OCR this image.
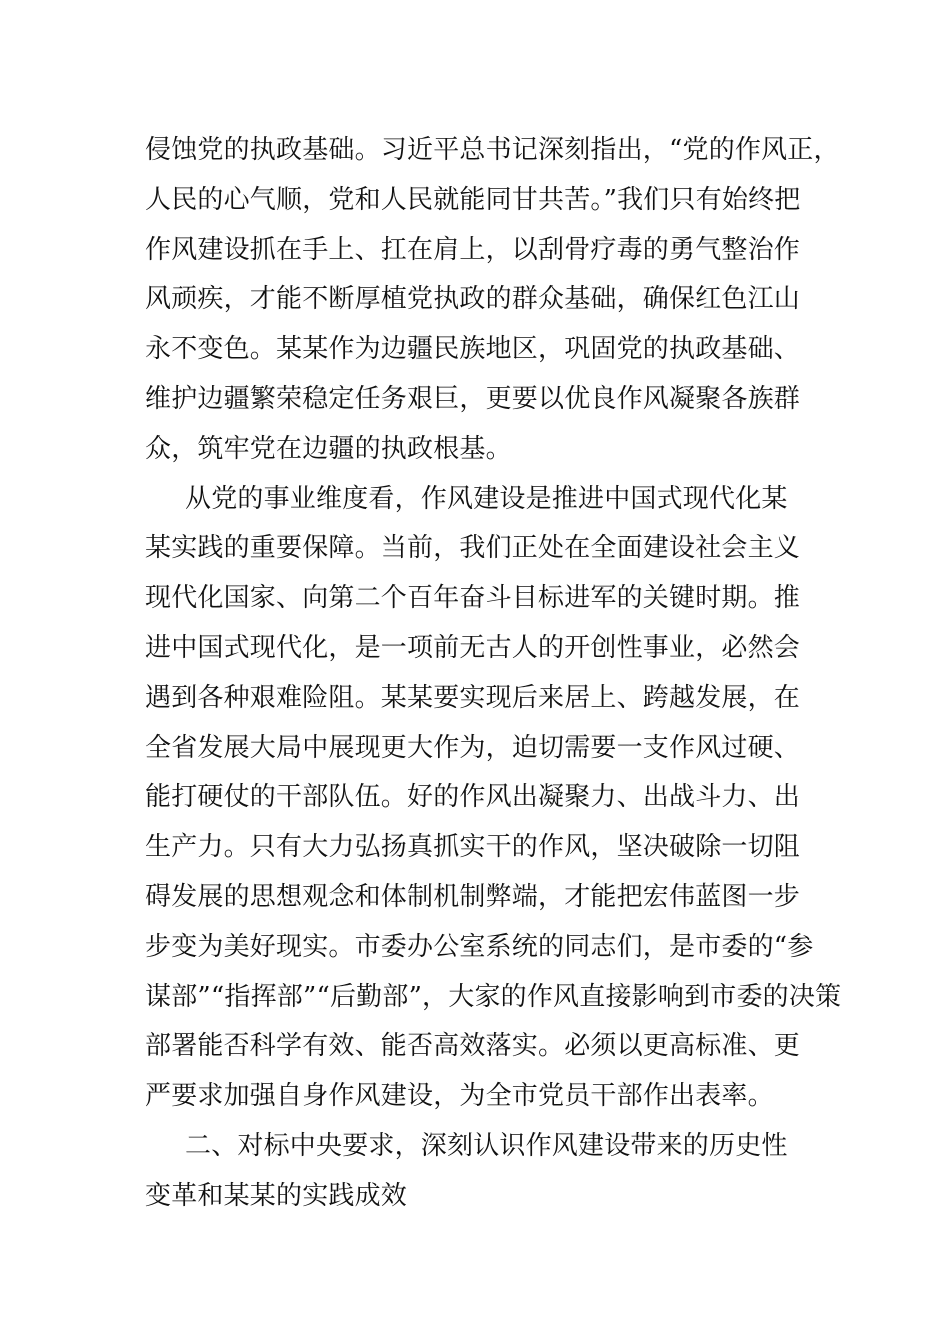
侵蚀党的执政基础。习近平总书记深刻指出，“党的作风正，
人民的心气顺，党和人民就能同甘共苦。”我们只有始终把
作风建设抓在手上、扛在肩上，以刮骨疗毒的勇气整治作
风顽疾，才能不断厚植党执政的群众基础，确保红色江山
永不变色。某某作为边疆民族地区，巩固党的执政基础、
维护边疆繁荣稳定任务艰巨，更要以优良作风凝聚各族群
众，筑牢党在边疆的执政根基。
从党的事业维度看，作风建设是推进中国式现代化某
某实践的重要保障。当前，我们正处在全面建设社会主义
现代化国家、向第二个百年奋斗目标进军的关键时期。推
进中国式现代化，是一项前无古人的开创性事业，必然会
遇到各种艰难险阻。某某要实现后来居上、跨越发展，在
全省发展大局中展现更大作为，迫切需要一支作风过硬、
能打硬仗的干部队伍。好的作风出凝聚力、出战斗力、出
生产力。只有大力弘扬真抓实干的作风，坚决破除一切阻
碍发展的思想观念和体制机制弊端，才能把宏伟蓝图一步
步变为美好现实。市委办公室系统的同志们，是市委的“参
谋部”“指挥部”“后勤部”，大家的作风直接影响到市委的决策
部署能否科学有效、能否高效落实。必须以更高标准、更
严要求加强自身作风建设，为全市党员干部作出表率。
二、对标中央要求，深刻认识作风建设带来的历史性
变革和某某的实践成效
